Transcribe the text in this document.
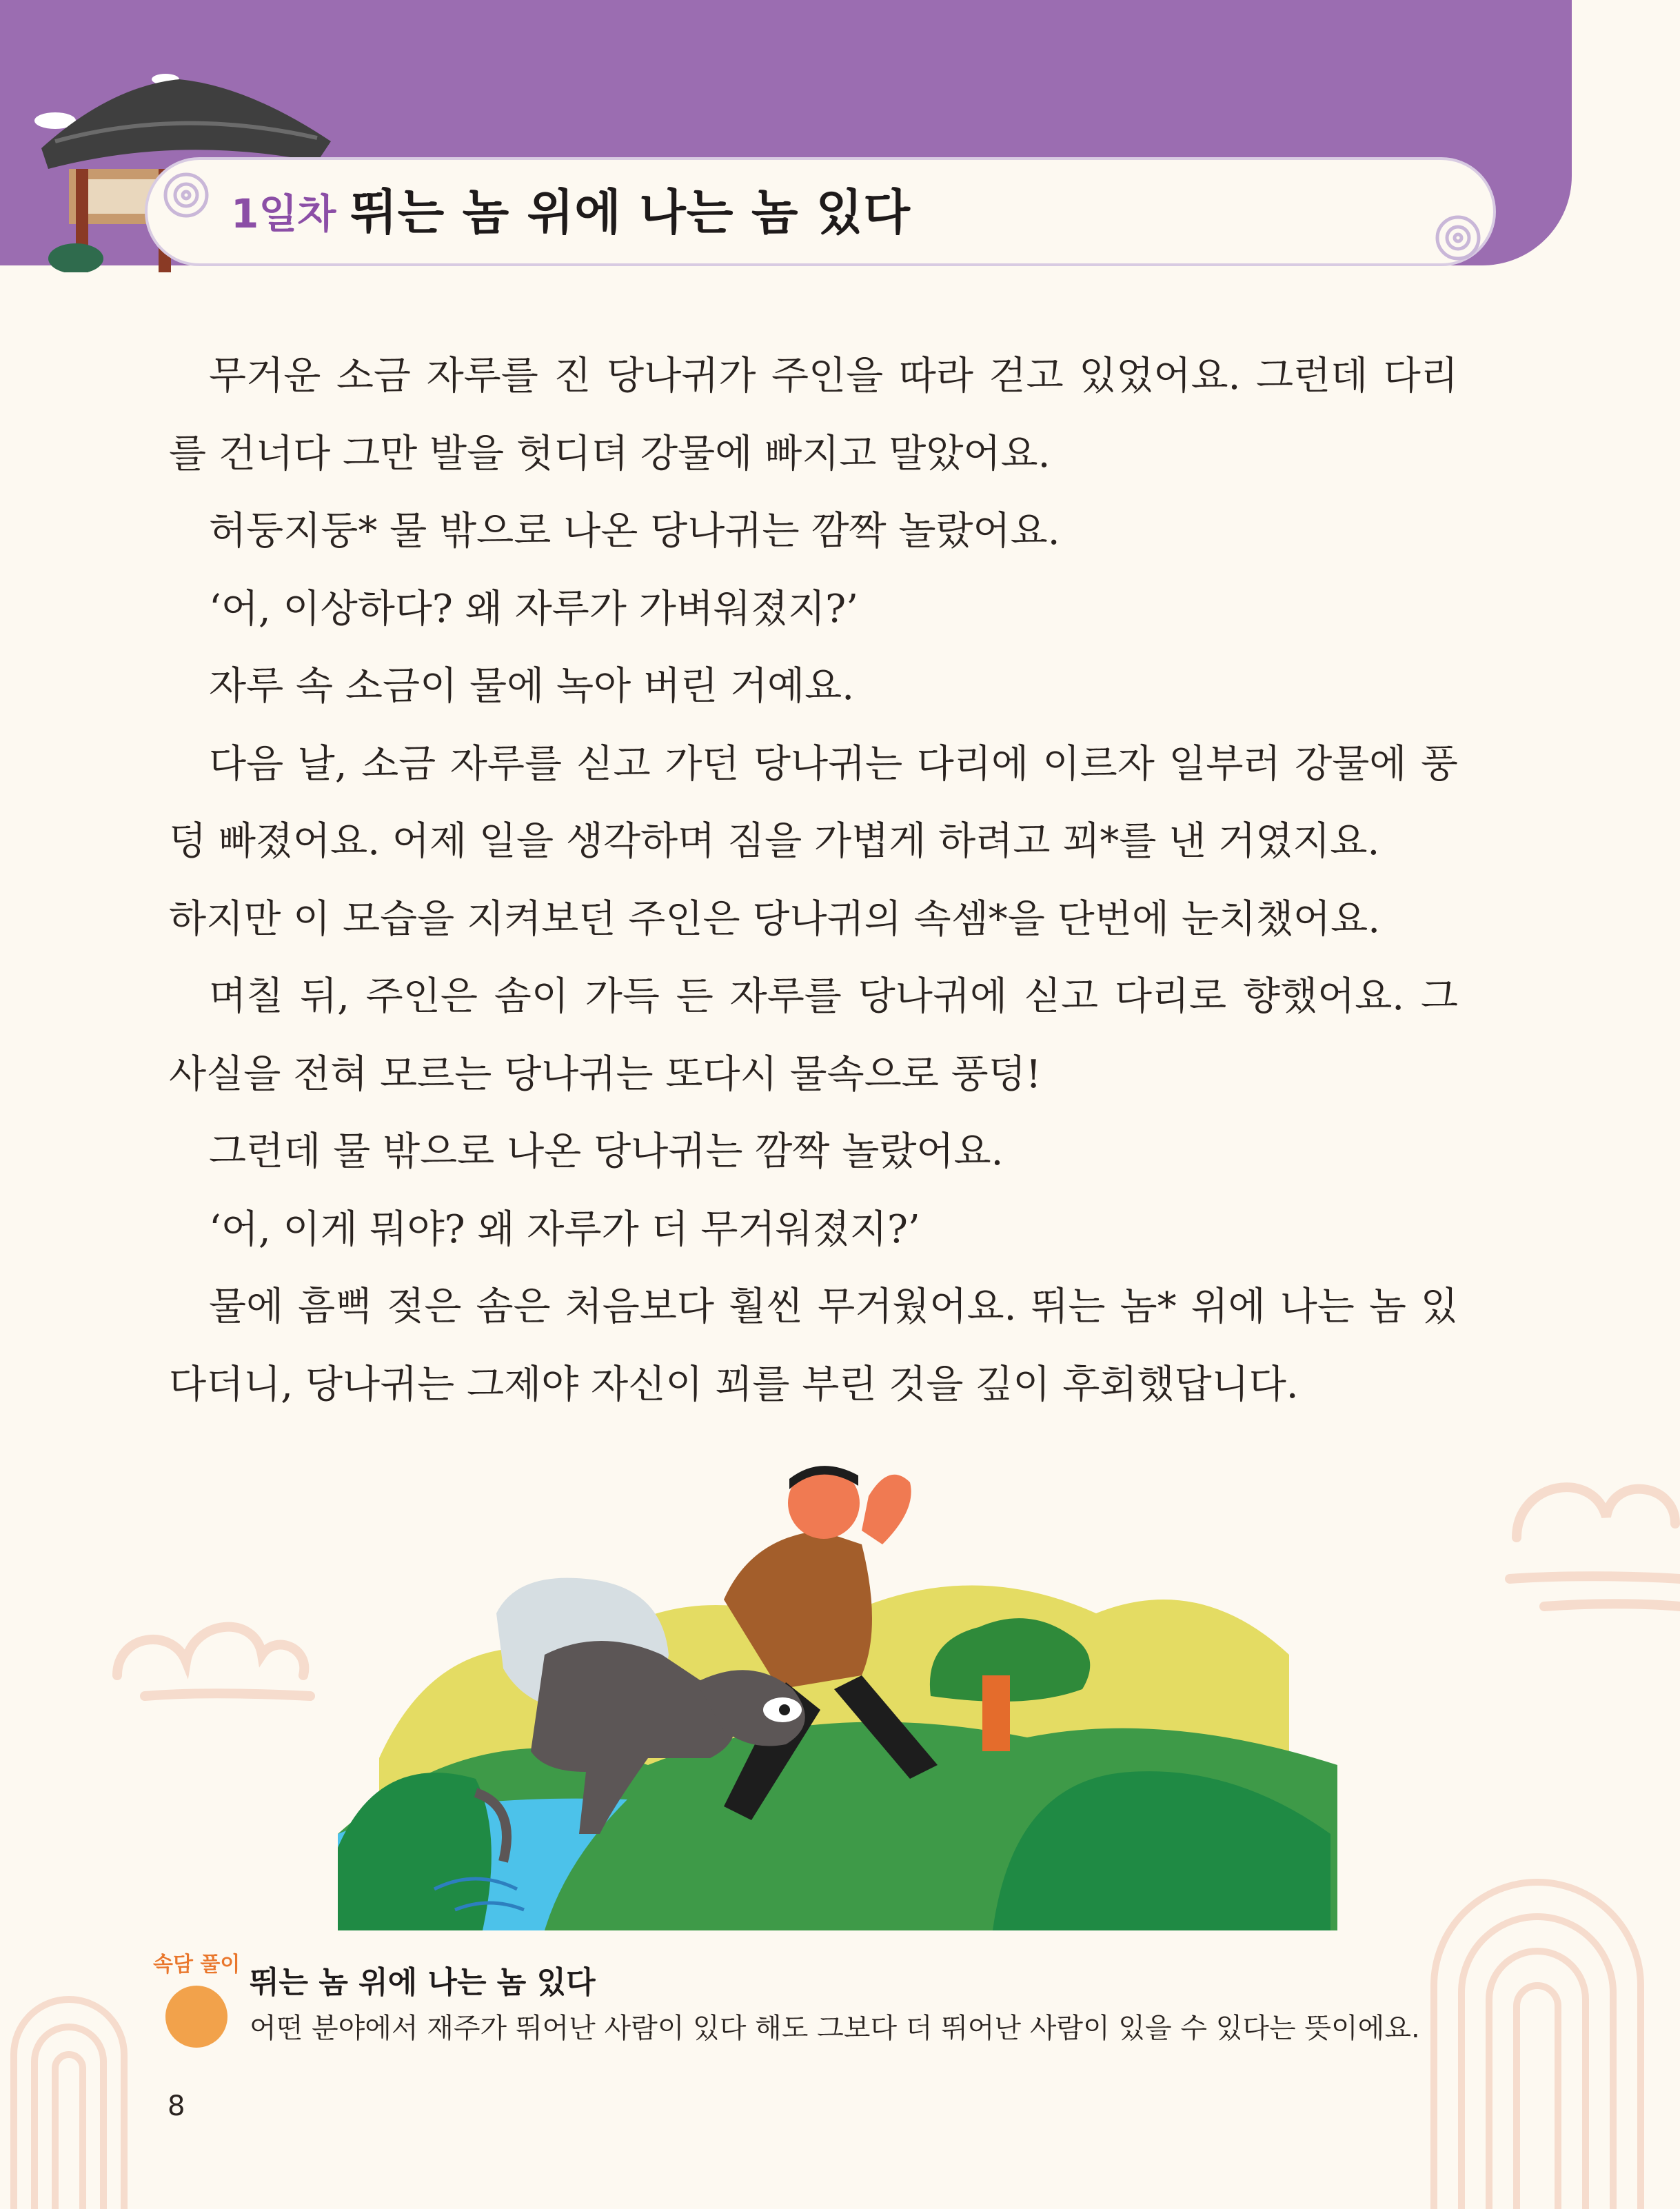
1일차 뛰는 놈 위에 나는 놈 있다

무거운 소금 자루를 진 당나귀가 주인을 따라 걷고 있었어요. 그런데 다리를 건너다 그만 발을 헛디뎌 강물에 빠지고 말았어요.

허둥지둥* 물 밖으로 나온 당나귀는 깜짝 놀랐어요.

‘어, 이상하다? 왜 자루가 가벼워졌지?’

자루 속 소금이 물에 녹아 버린 거예요.

다음 날, 소금 자루를 싣고 가던 당나귀는 다리에 이르자 일부러 강물에 풍덩 빠졌어요. 어제 일을 생각하며 짐을 가볍게 하려고 꾀*를 낸 거였지요.

하지만 이 모습을 지켜보던 주인은 당나귀의 속셈*을 단번에 눈치챘어요.

며칠 뒤, 주인은 솜이 가득 든 자루를 당나귀에 싣고 다리로 향했어요. 그 사실을 전혀 모르는 당나귀는 또다시 물속으로 풍덩!

그런데 물 밖으로 나온 당나귀는 깜짝 놀랐어요.

‘어, 이게 뭐야? 왜 자루가 더 무거워졌지?’

물에 흠뻑 젖은 솜은 처음보다 훨씬 무거웠어요. 뛰는 놈* 위에 나는 놈 있다더니, 당나귀는 그제야 자신이 꾀를 부린 것을 깊이 후회했답니다.

속담 풀이
뛰는 놈 위에 나는 놈 있다
어떤 분야에서 재주가 뛰어난 사람이 있다 해도 그보다 더 뛰어난 사람이 있을 수 있다는 뜻이에요.
8
